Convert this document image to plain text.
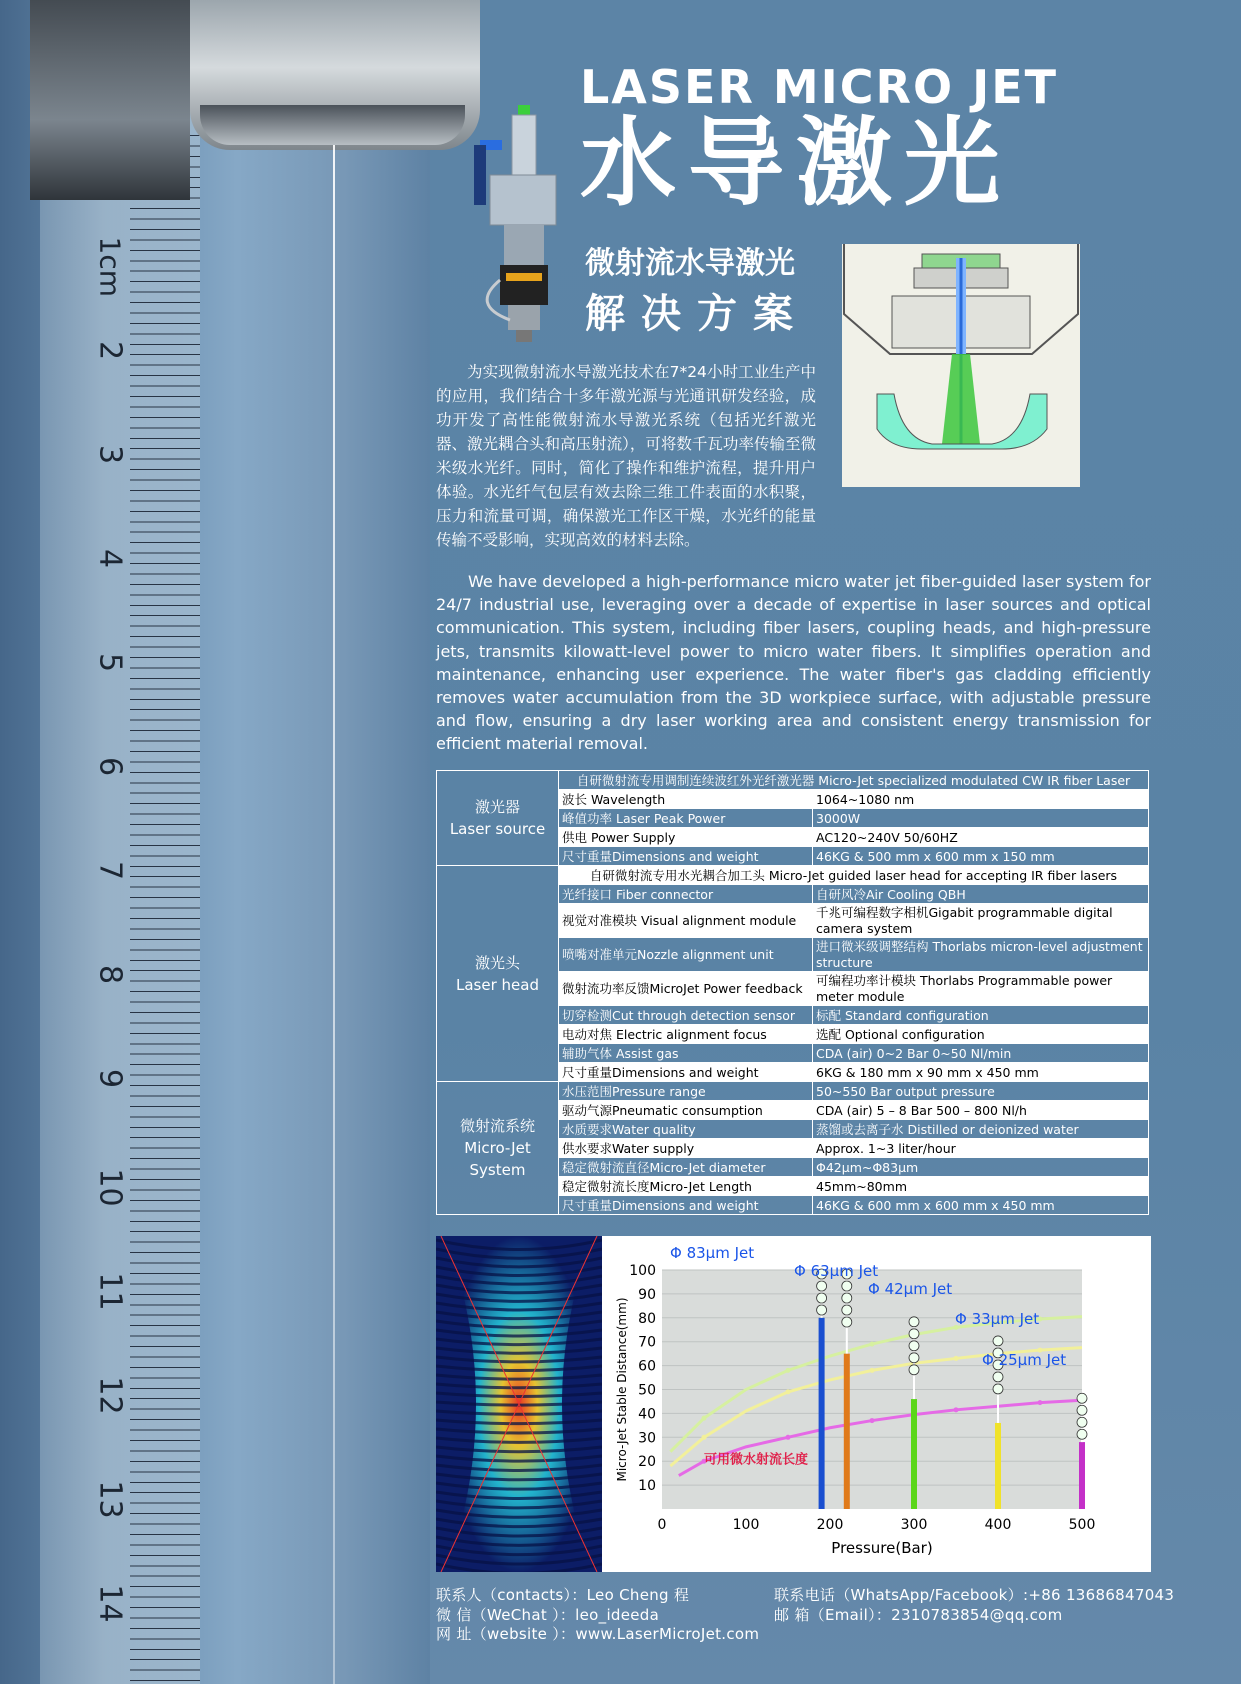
1cm
2
3
4
5
6
7
8
9
10
11
12
13
14
LASER MICRO JET
水导激光
微射流水导激光
解决方案

为实现微射流水导激光技术在7*24小时工业生产中的应用，我们结合十多年激光源与光通讯研发经验，成功开发了高性能微射流水导激光系统（包括光纤激光器、激光耦合头和高压射流），可将数千瓦功率传输至微米级水光纤。同时，简化了操作和维护流程，提升用户体验。水光纤气包层有效去除三维工件表面的水积聚，压力和流量可调，确保激光工作区干燥，水光纤的能量传输不受影响，实现高效的材料去除。

We have developed a high-performance micro water jet fiber-guided laser system for 24/7 industrial use, leveraging over a decade of expertise in laser sources and optical communication. This system, including fiber lasers, coupling heads, and high-pressure jets, transmits kilowatt-level power to micro water fibers. It simplifies operation and maintenance, enhancing user experience. The water fiber's gas cladding efficiently removes water accumulation from the 3D workpiece surface, with adjustable pressure and flow, ensuring a dry laser working area and consistent energy transmission for efficient material removal.
激光器
Laser source	自研微射流专用调制连续波红外光纤激光器 Micro-Jet specialized modulated CW IR fiber Laser	
	波长 Wavelength	1064~1080 nm
	峰值功率 Laser Peak Power	3000W
	供电 Power Supply	AC120~240V 50/60HZ
	尺寸重量Dimensions and weight	46KG & 500 mm x 600 mm x 150 mm

激光头
Laser head	自研微射流专用水光耦合加工头 Micro-Jet guided laser head for accepting IR fiber lasers	
	光纤接口 Fiber connector	自研风冷Air Cooling QBH
	视觉对准模块 Visual alignment module	千兆可编程数字相机Gigabit programmable digital camera system
	喷嘴对准单元Nozzle alignment unit	进口微米级调整结构 Thorlabs micron-level adjustment structure
	微射流功率反馈MicroJet Power feedback	可编程功率计模块 Thorlabs Programmable power meter module
	切穿检测Cut through detection sensor	标配 Standard configuration
	电动对焦 Electric alignment focus	选配 Optional configuration
	辅助气体 Assist gas	CDA (air) 0~2 Bar 0~50 Nl/min
	尺寸重量Dimensions and weight	6KG & 180 mm x 90 mm x 450 mm

微射流系统
Micro-Jet
System	水压范围Pressure range	50~550 Bar output pressure
	驱动气源Pneumatic consumption	CDA (air) 5 – 8 Bar 500 – 800 Nl/h
	水质要求Water quality	蒸馏或去离子水 Distilled or deionized water
	供水要求Water supply	Approx. 1~3 liter/hour
	稳定微射流直径Micro-Jet diameter	Φ42μm~Φ83μm
	稳定微射流长度Micro-Jet Length	45mm~80mm
	尺寸重量Dimensions and weight	46KG & 600 mm x 600 mm x 450 mm
10
20
30
40
50
60
70
80
90
100
0	100	200	300	400	500
Pressure(Bar)
Micro-Jet Stable Distance(mm)
Φ 83μm Jet
Φ 63μm Jet
Φ 42μm Jet
Φ 33μm Jet
Φ 25μm Jet
可用微水射流长度
联系人（contacts）：Leo Cheng 程	联系电话（WhatsApp/Facebook）:+86 13686847043
微 信（WeChat ）：leo_ideeda	邮 箱（Email）：2310783854@qq.com
网 址（website ）：www.LaserMicroJet.com
